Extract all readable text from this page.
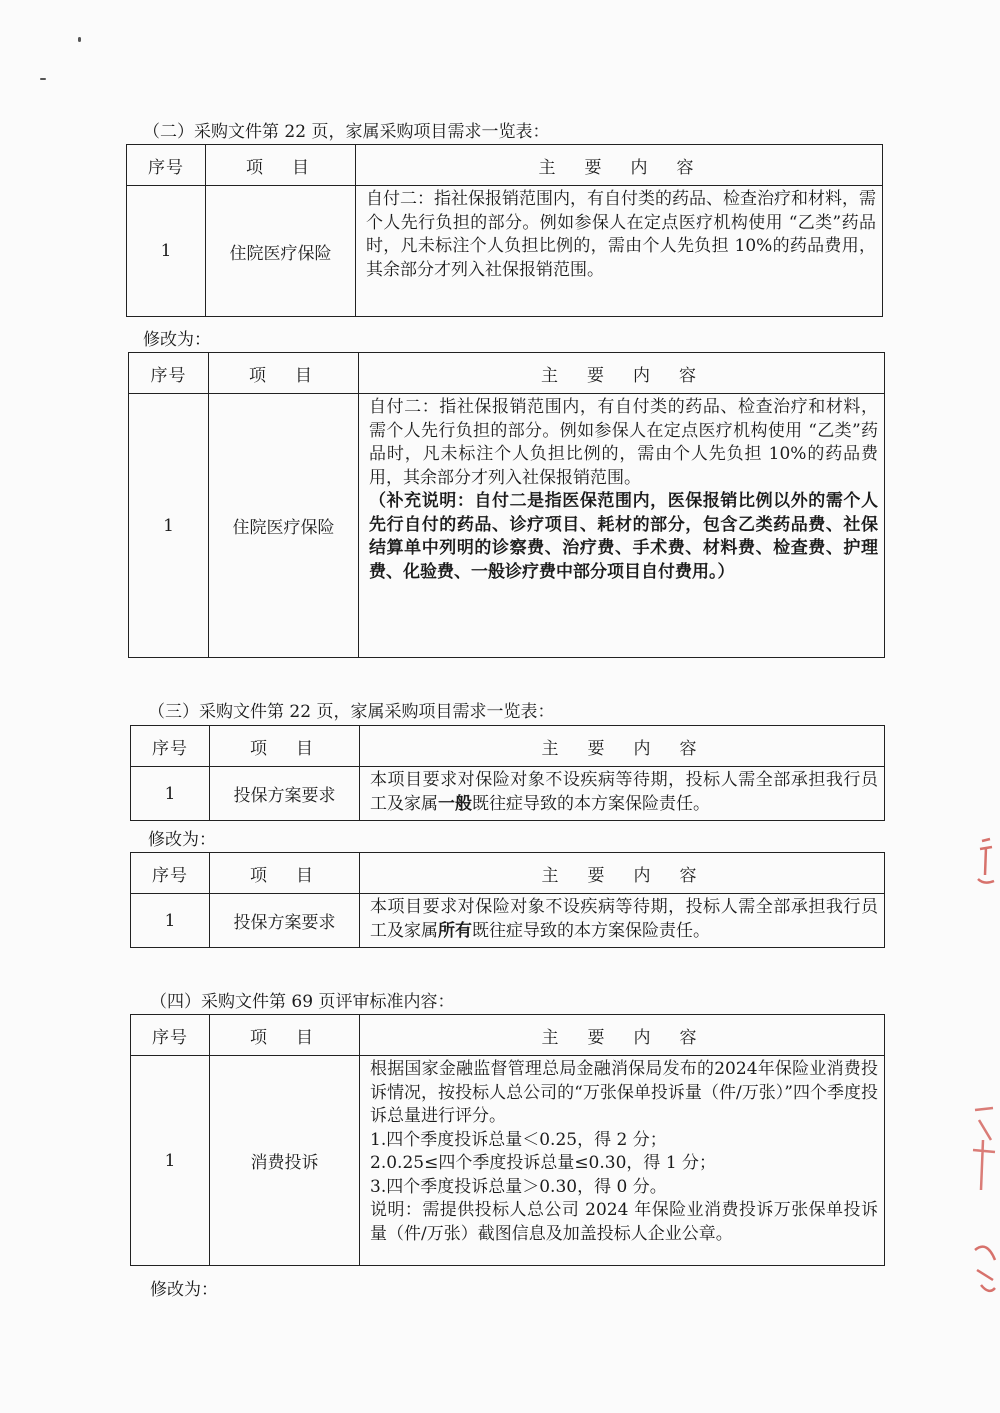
（二）采购文件第 22 页，家属采购项目需求一览表：
序号	项　目	主　要　内　容
1	住院医疗保险	自付二：指社保报销范围内，有自付类的药品、检查治疗和材料，需个人先行负担的部分。例如参保人在定点医疗机构使用 “乙类”药品时，凡未标注个人负担比例的，需由个人先负担 10%的药品费用，其余部分才列入社保报销范围。
修改为：
序号	项　目	主　要　内　容
1	住院医疗保险	自付二：指社保报销范围内，有自付类的药品、检查治疗和材料，需个人先行负担的部分。例如参保人在定点医疗机构使用 “乙类”药品时，凡未标注个人负担比例的，需由个人先负担 10%的药品费用，其余部分才列入社保报销范围。

（补充说明：自付二是指医保范围内，医保报销比例以外的需个人先行自付的药品、诊疗项目、耗材的部分，包含乙类药品费、社保结算单中列明的诊察费、治疗费、手术费、材料费、检查费、护理费、化验费、一般诊疗费中部分项目自付费用。）

（三）采购文件第 22 页，家属采购项目需求一览表：
序号	项　目	主　要　内　容
1	投保方案要求	本项目要求对保险对象不设疾病等待期，投标人需全部承担我行员工及家属一般既往症导致的本方案保险责任。
修改为：
序号	项　目	主　要　内　容
1	投保方案要求	本项目要求对保险对象不设疾病等待期，投标人需全部承担我行员工及家属所有既往症导致的本方案保险责任。
（四）采购文件第 69 页评审标准内容：
序号	项　目	主　要　内　容
1	消费投诉	根据国家金融监督管理总局金融消保局发布的2024年保险业消费投诉情况，按投标人总公司的“万张保单投诉量（件/万张）”四个季度投诉总量进行评分。

1.四个季度投诉总量＜0.25，得 2 分；

2.0.25≤四个季度投诉总量≤0.30，得 1 分；

3.四个季度投诉总量＞0.30，得 0 分。

说明：需提供投标人总公司 2024 年保险业消费投诉万张保单投诉量（件/万张）截图信息及加盖投标人企业公章。

修改为：
